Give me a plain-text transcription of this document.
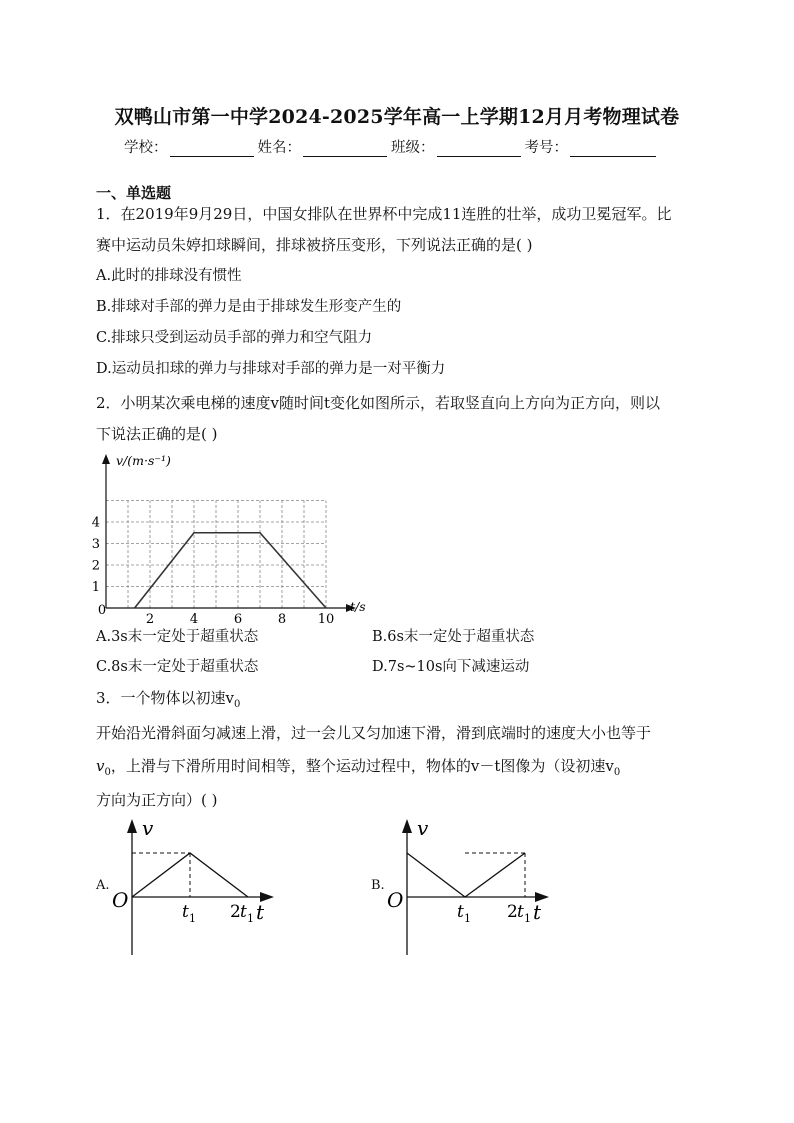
双鸭山市第一中学2024-2025学年高一上学期12月月考物理试卷
学校：	姓名：	班级：	考号：
一、单选题
1．在2019年9月29日，中国女排队在世界杯中完成11连胜的壮举，成功卫冕冠军。比
赛中运动员朱婷扣球瞬间，排球被挤压变形，下列说法正确的是( )
A.此时的排球没有惯性
B.排球对手部的弹力是由于排球发生形变产生的
C.排球只受到运动员手部的弹力和空气阻力
D.运动员扣球的弹力与排球对手部的弹力是一对平衡力
2．小明某次乘电梯的速度v随时间t变化如图所示，若取竖直向上方向为正方向，则以
下说法正确的是( )
v/(m·s⁻¹)
t/s
0
2	4	6	8 10
1
2
3
4
A.3s末一定处于超重状态	B.6s末一定处于超重状态
C.8s末一定处于超重状态	D.7s~10s向下减速运动
3．一个物体以初速$v_0$
开始沿光滑斜面匀减速上滑，过一会儿又匀加速下滑，滑到底端时的速度大小也等于
$v_0$，上滑与下滑所用时间相等，整个运动过程中，物体的v－t图像为（设初速$v_0$
方向为正方向）( )
A.
v
O	t
t 1 2 t 1
B.
v
O	t
t 1 2 t 1
